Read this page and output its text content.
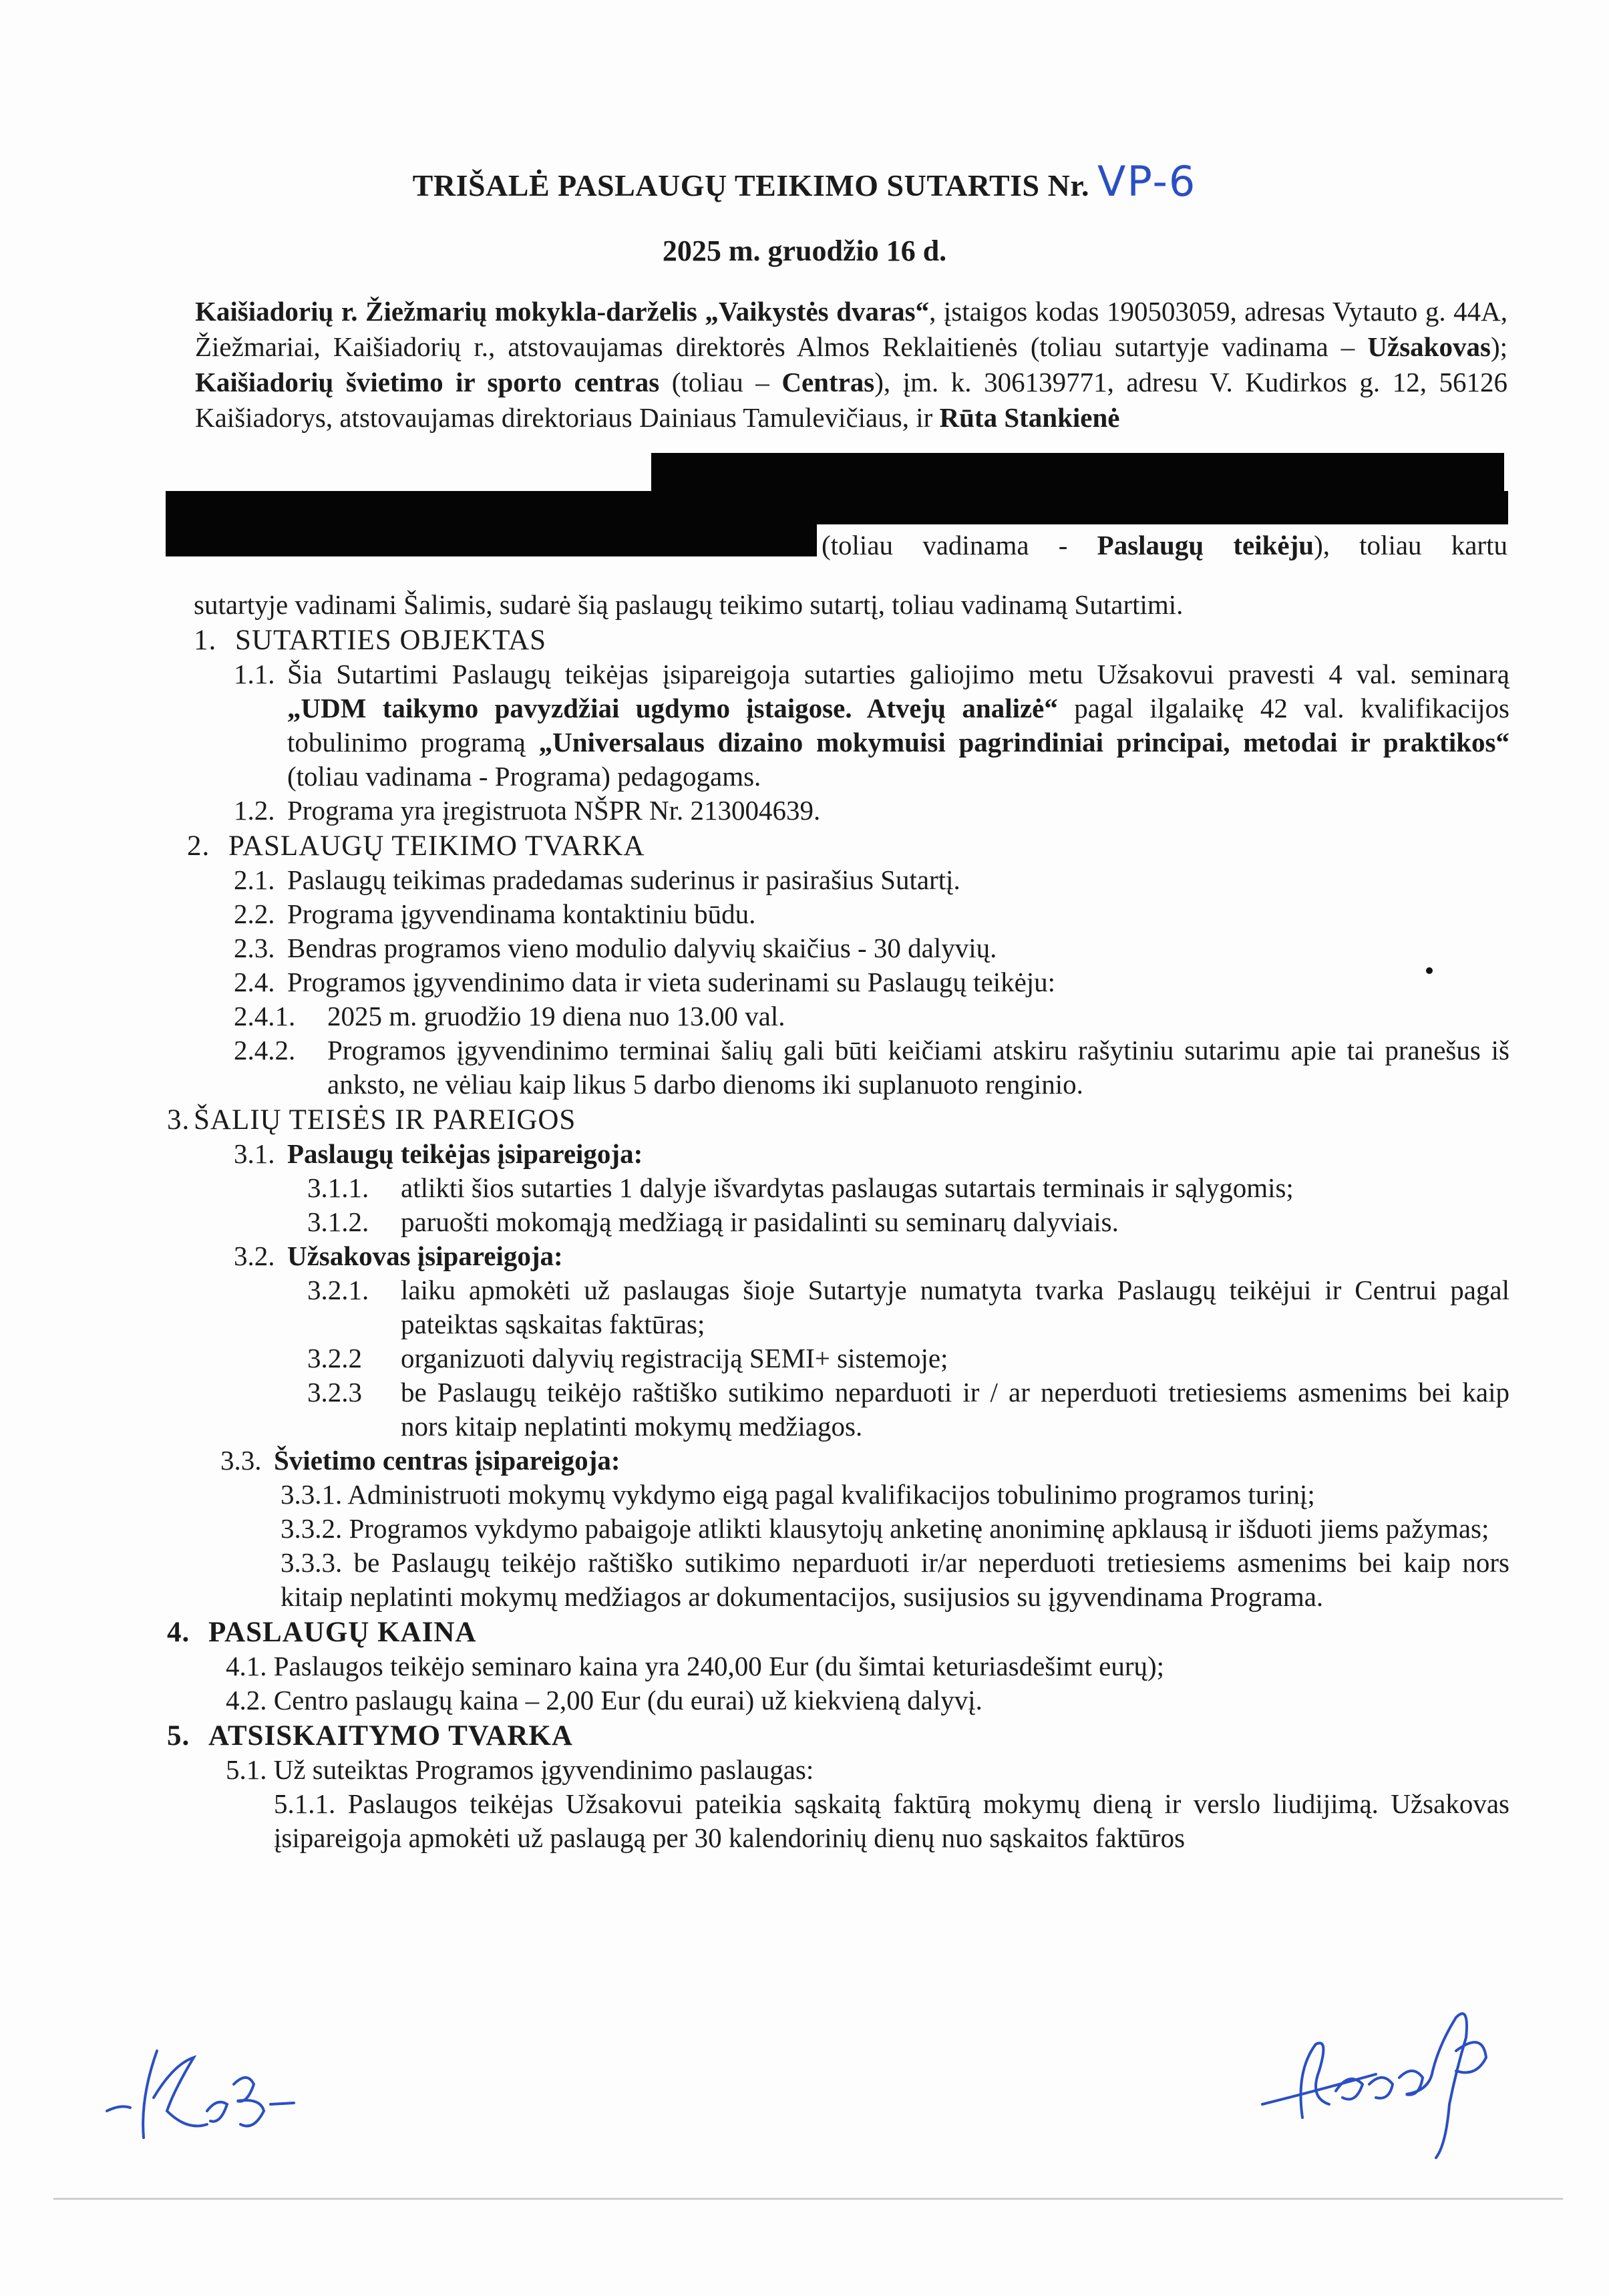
TRIŠALĖ PASLAUGŲ TEIKIMO SUTARTIS Nr. VP-6
2025 m. gruodžio 16 d.
Kaišiadorių r. Žiežmarių mokykla-darželis „Vaikystės dvaras“, įstaigos kodas 190503059, adresas Vytauto g. 44A, Žiežmariai, Kaišiadorių r., atstovaujamas direktorės Almos Reklaitienės (toliau sutartyje vadinama – Užsakovas); Kaišiadorių švietimo ir sporto centras (toliau – Centras), įm. k. 306139771, adresu V. Kudirkos g. 12, 56126 Kaišiadorys, atstovaujamas direktoriaus Dainiaus Tamulevičiaus, ir Rūta Stankienė
(toliau vadinama - Paslaugų teikėju), toliau kartu
sutartyje vadinami Šalimis, sudarė šią paslaugų teikimo sutartį, toliau vadinamą Sutartimi.
1. SUTARTIES OBJEKTAS
1.1. Šia Sutartimi Paslaugų teikėjas įsipareigoja sutarties galiojimo metu Užsakovui pravesti 4 val. seminarą „UDM taikymo pavyzdžiai ugdymo įstaigose. Atvejų analizė“ pagal ilgalaikę 42 val. kvalifikacijos tobulinimo programą „Universalaus dizaino mokymuisi pagrindiniai principai, metodai ir praktikos“ (toliau vadinama - Programa) pedagogams.
1.2. Programa yra įregistruota NŠPR Nr. 213004639.
2. PASLAUGŲ TEIKIMO TVARKA
2.1. Paslaugų teikimas pradedamas suderinus ir pasirašius Sutartį.
2.2. Programa įgyvendinama kontaktiniu būdu.
2.3. Bendras programos vieno modulio dalyvių skaičius - 30 dalyvių.
2.4. Programos įgyvendinimo data ir vieta suderinami su Paslaugų teikėju:
2.4.1.	2025 m. gruodžio 19 diena nuo 13.00 val.
2.4.2.	Programos įgyvendinimo terminai šalių gali būti keičiami atskiru rašytiniu sutarimu apie tai pranešus iš anksto, ne vėliau kaip likus 5 darbo dienoms iki suplanuoto renginio.
3. ŠALIŲ TEISĖS IR PAREIGOS
3.1. Paslaugų teikėjas įsipareigoja:
3.1.1.	atlikti šios sutarties 1 dalyje išvardytas paslaugas sutartais terminais ir sąlygomis;
3.1.2.	paruošti mokomąją medžiagą ir pasidalinti su seminarų dalyviais.
3.2. Užsakovas įsipareigoja:
3.2.1.	laiku apmokėti už paslaugas šioje Sutartyje numatyta tvarka Paslaugų teikėjui ir Centrui pagal pateiktas sąskaitas faktūras;
3.2.2	organizuoti dalyvių registraciją SEMI+ sistemoje;
3.2.3	be Paslaugų teikėjo raštiško sutikimo neparduoti ir / ar neperduoti tretiesiems asmenims bei kaip nors kitaip neplatinti mokymų medžiagos.
3.3. Švietimo centras įsipareigoja:
3.3.1. Administruoti mokymų vykdymo eigą pagal kvalifikacijos tobulinimo programos turinį;
3.3.2. Programos vykdymo pabaigoje atlikti klausytojų anketinę anoniminę apklausą ir išduoti jiems pažymas;
3.3.3. be Paslaugų teikėjo raštiško sutikimo neparduoti ir/ar neperduoti tretiesiems asmenims bei kaip nors kitaip neplatinti mokymų medžiagos ar dokumentacijos, susijusios su įgyvendinama Programa.
4. PASLAUGŲ KAINA
4.1. Paslaugos teikėjo seminaro kaina yra 240,00 Eur (du šimtai keturiasdešimt eurų);
4.2. Centro paslaugų kaina – 2,00 Eur (du eurai) už kiekvieną dalyvį.
5. ATSISKAITYMO TVARKA
5.1. Už suteiktas Programos įgyvendinimo paslaugas:
5.1.1. Paslaugos teikėjas Užsakovui pateikia sąskaitą faktūrą mokymų dieną ir verslo liudijimą. Užsakovas įsipareigoja apmokėti už paslaugą per 30 kalendorinių dienų nuo sąskaitos faktūros
